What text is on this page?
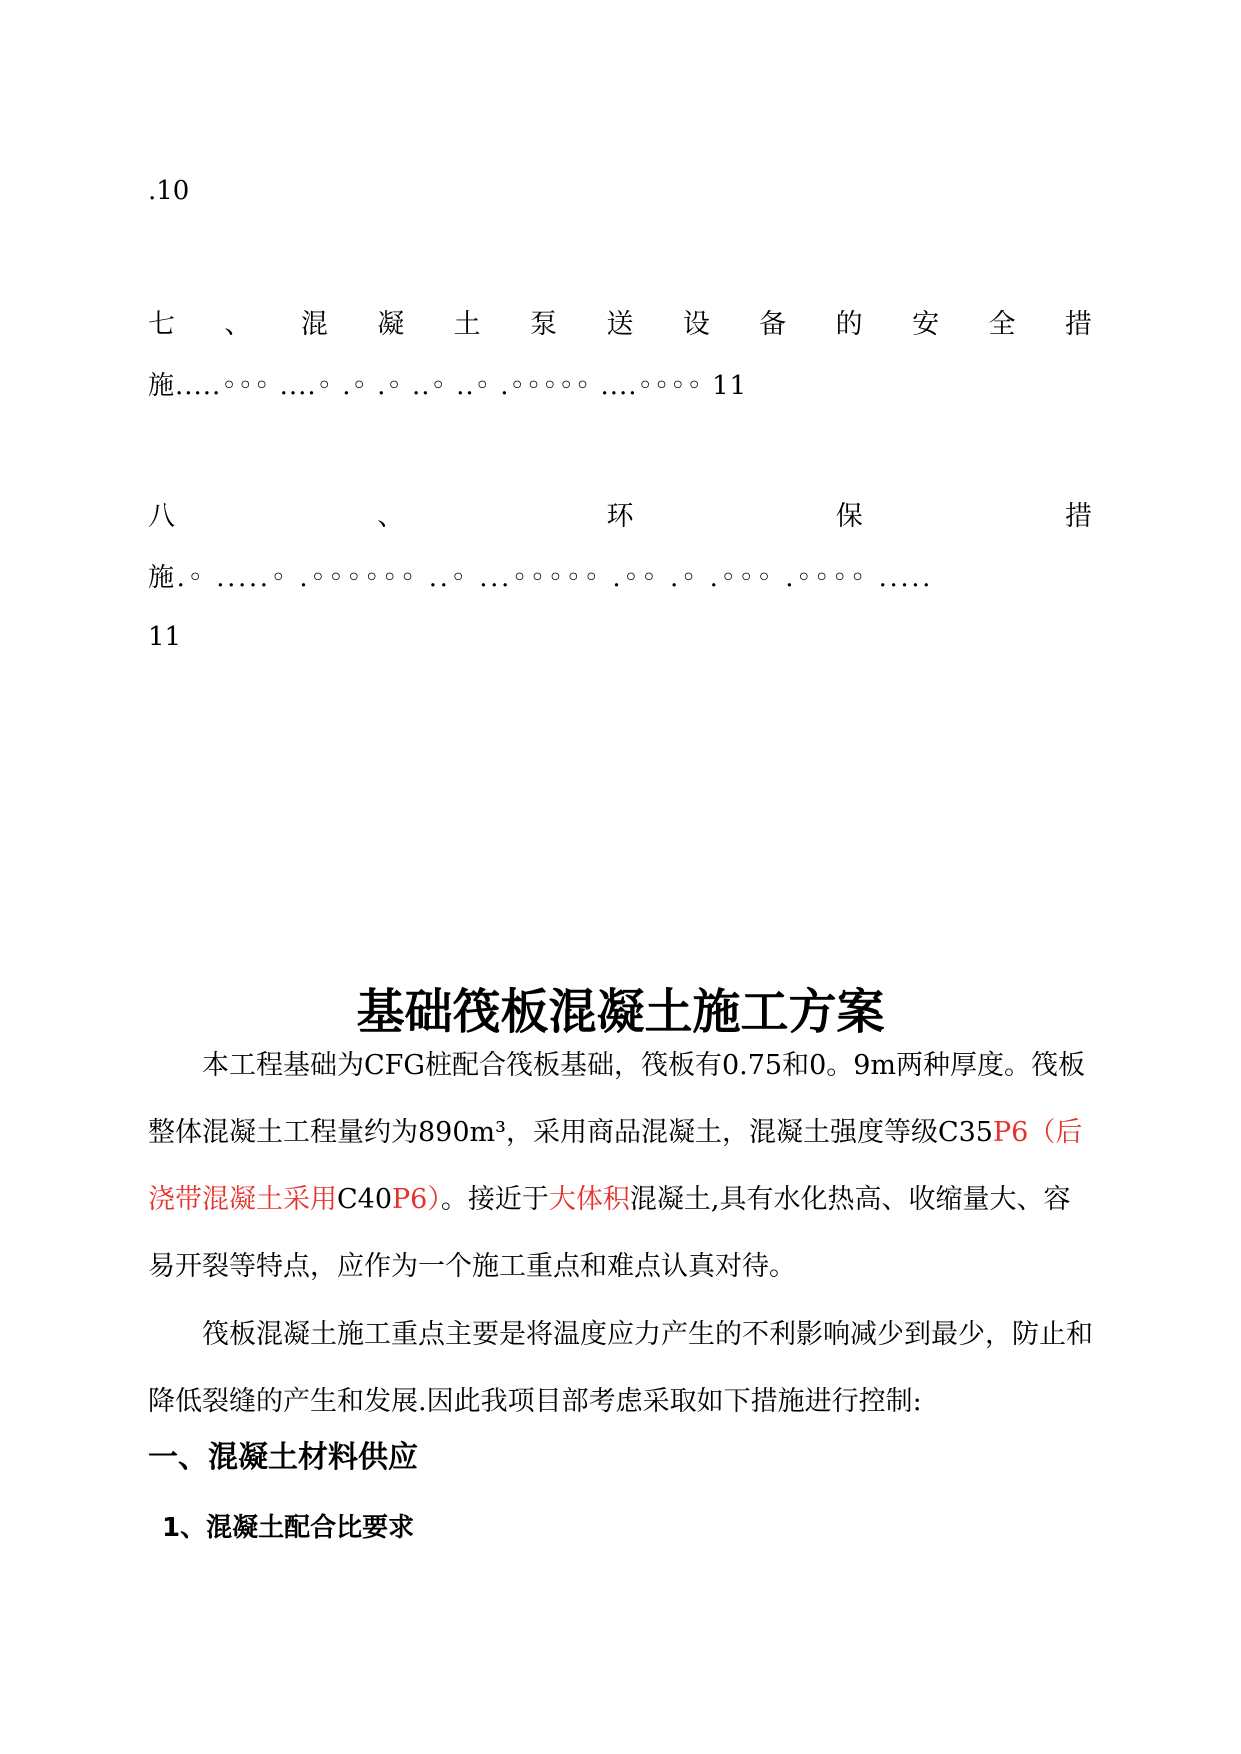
.10
七 、 混 凝 土 泵 送 设 备 的 安 全 措
施.....◦◦◦ ....◦ .◦ .◦ ..◦ ..◦ .◦◦◦◦◦ ....◦◦◦◦ 11
八	、	环	保	措
施.◦ .....◦ .◦◦◦◦◦◦ ..◦ ...◦◦◦◦◦ .◦◦ .◦ .◦◦◦ .◦◦◦◦ .....
11
基础筏板混凝土施工方案
本工程基础为CFG桩配合筏板基础，筏板有0.75和0。9m两种厚度。筏板整体混凝土工程量约为890m³，采用商品混凝土，混凝土强度等级C35P6（后浇带混凝土采用C40P6）。接近于大体积混凝土,具有水化热高、收缩量大、容易开裂等特点，应作为一个施工重点和难点认真对待。
筏板混凝土施工重点主要是将温度应力产生的不利影响减少到最少，防止和降低裂缝的产生和发展.因此我项目部考虑采取如下措施进行控制:
一、混凝土材料供应
1、混凝土配合比要求
